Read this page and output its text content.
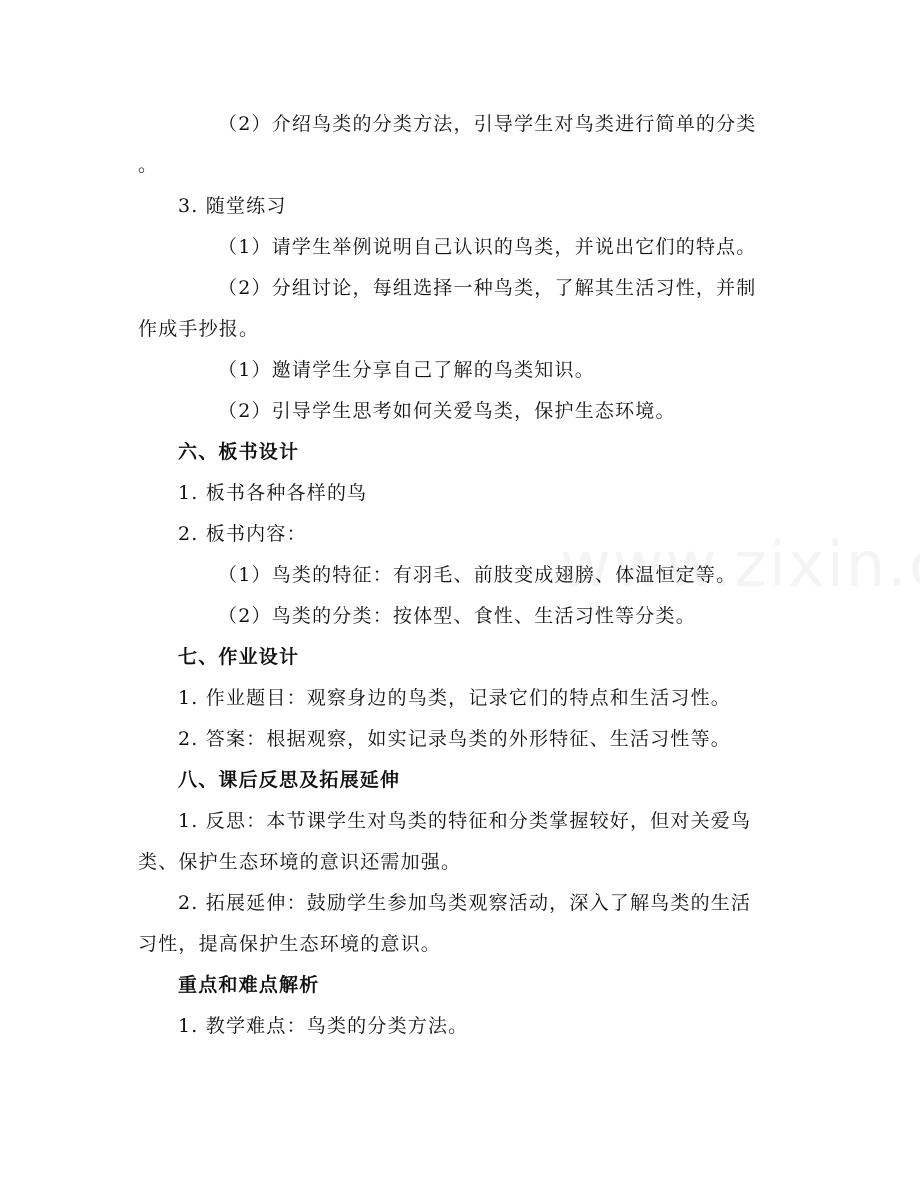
（2）介绍鸟类的分类方法，引导学生对鸟类进行简单的分类
。
3. 随堂练习
（1）请学生举例说明自己认识的鸟类，并说出它们的特点。
（2）分组讨论，每组选择一种鸟类，了解其生活习性，并制
作成手抄报。
（1）邀请学生分享自己了解的鸟类知识。
（2）引导学生思考如何关爱鸟类，保护生态环境。
六、板书设计
1. 板书各种各样的鸟
2. 板书内容：
（1）鸟类的特征：有羽毛、前肢变成翅膀、体温恒定等。
（2）鸟类的分类：按体型、食性、生活习性等分类。
七、作业设计
1. 作业题目：观察身边的鸟类，记录它们的特点和生活习性。
2. 答案：根据观察，如实记录鸟类的外形特征、生活习性等。
八、课后反思及拓展延伸
1. 反思：本节课学生对鸟类的特征和分类掌握较好，但对关爱鸟
类、保护生态环境的意识还需加强。
2. 拓展延伸：鼓励学生参加鸟类观察活动，深入了解鸟类的生活
习性，提高保护生态环境的意识。
重点和难点解析
1. 教学难点：鸟类的分类方法。
